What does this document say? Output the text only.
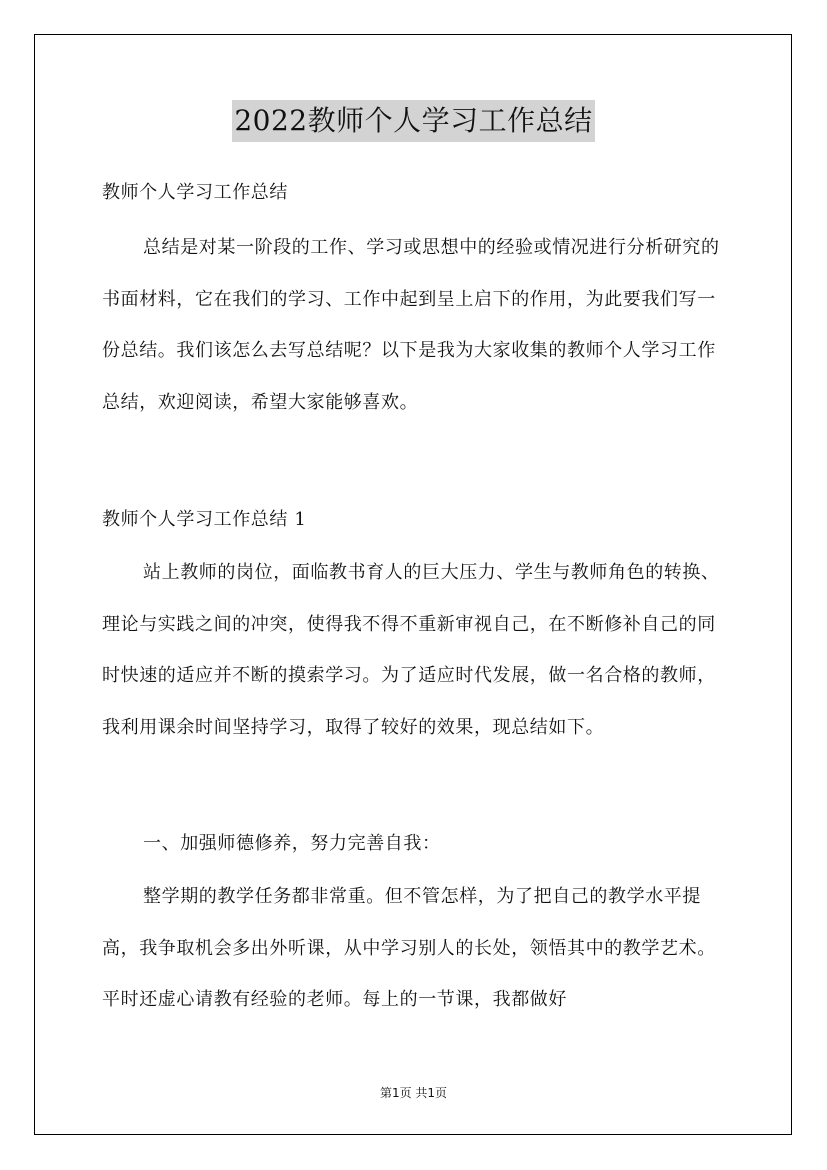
2022教师个人学习工作总结

教师个人学习工作总结

总结是对某一阶段的工作、学习或思想中的经验或情况进行分析研究的书面材料，它在我们的学习、工作中起到呈上启下的作用，为此要我们写一份总结。我们该怎么去写总结呢？以下是我为大家收集的教师个人学习工作总结，欢迎阅读，希望大家能够喜欢。

教师个人学习工作总结 1

站上教师的岗位，面临教书育人的巨大压力、学生与教师角色的转换、理论与实践之间的冲突，使得我不得不重新审视自己，在不断修补自己的同时快速的适应并不断的摸索学习。为了适应时代发展，做一名合格的教师，我利用课余时间坚持学习，取得了较好的效果，现总结如下。

一、加强师德修养，努力完善自我：

整学期的教学任务都非常重。但不管怎样，为了把自己的教学水平提高，我争取机会多出外听课，从中学习别人的长处，领悟其中的教学艺术。平时还虚心请教有经验的老师。每上的一节课，我都做好

第1页 共1页
